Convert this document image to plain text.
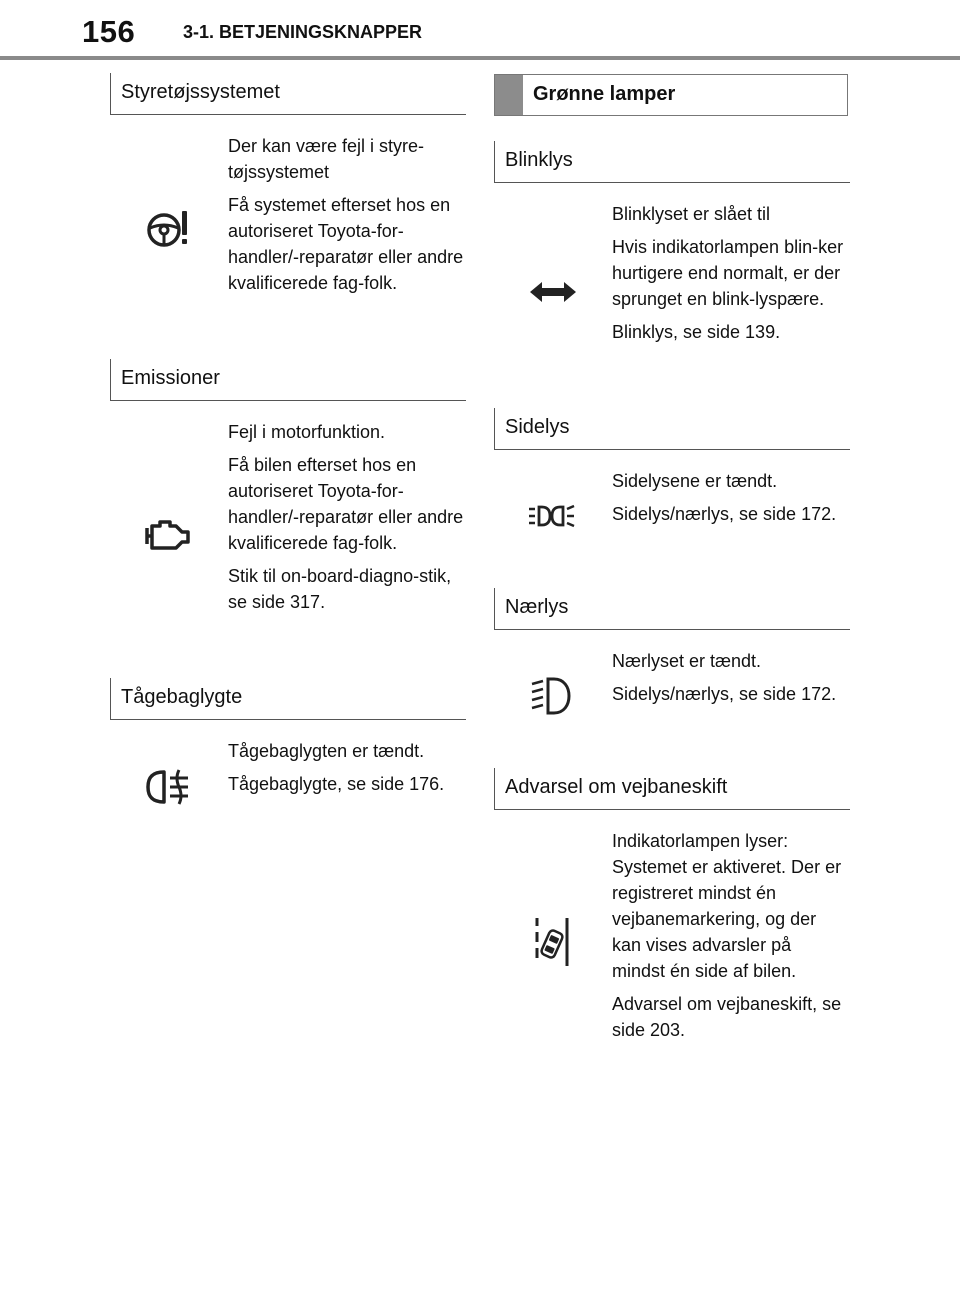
156	3-1. BETJENINGSKNAPPER
Styretøjssystemet

Der kan være fejl i styre-tøjssystemet

Få systemet efterset hos en autoriseret Toyota-for-handler/-reparatør eller andre kvalificerede fag-folk.

Emissioner

Fejl i motorfunktion.

Få bilen efterset hos en autoriseret Toyota-for-handler/-reparatør eller andre kvalificerede fag-folk.

Stik til on-board-diagno-stik, se side 317.

Tågebaglygte

Tågebaglygten er tændt.

Tågebaglygte, se side 176.

Grønne lamper
Blinklys

Blinklyset er slået til

Hvis indikatorlampen blin-ker hurtigere end normalt, er der sprunget en blink-lyspære.

Blinklys, se side 139.

Sidelys

Sidelysene er tændt.

Sidelys/nærlys, se side 172.

Nærlys

Nærlyset er tændt.

Sidelys/nærlys, se side 172.

Advarsel om vejbaneskift

Indikatorlampen lyser: Systemet er aktiveret. Der er registreret mindst én vejbanemarkering, og der kan vises advarsler på mindst én side af bilen.

Advarsel om vejbaneskift, se side 203.
